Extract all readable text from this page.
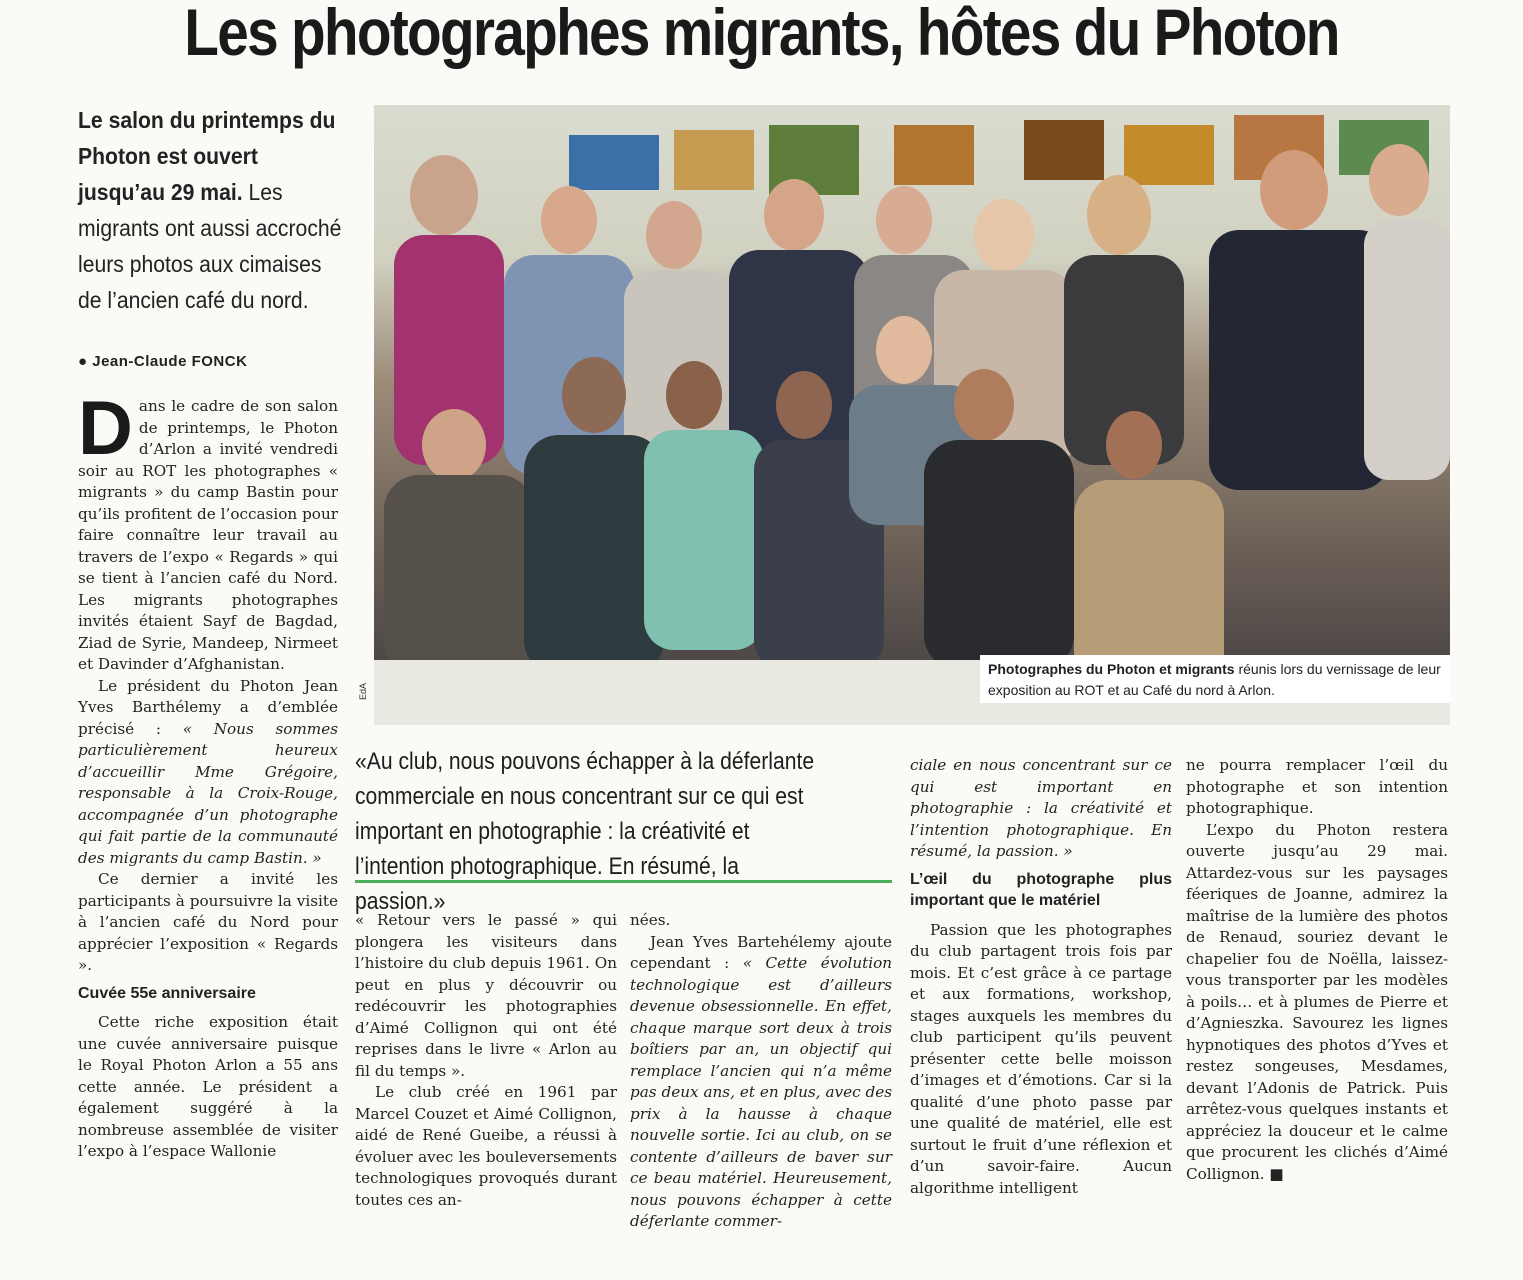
Les photographes migrants, hôtes du Photon
Le salon du printemps du Photon est ouvert jusqu’au 29 mai. Les migrants ont aussi accroché leurs photos aux cimaises de l’ancien café du nord.
● Jean-Claude FONCK
Photographes du Photon et migrants réunis lors du vernissage de leur exposition au ROT et au Café du nord à Arlon.
EdA
D ans le cadre de son salon de printemps, le Photon d’Arlon a invité vendredi soir au ROT les photographes « migrants » du camp Bastin pour qu’ils profitent de l’occasion pour faire connaître leur travail au travers de l’expo « Regards » qui se tient à l’ancien café du Nord. Les migrants photographes invités étaient Sayf de Bagdad, Ziad de Syrie, Mandeep, Nirmeet et Davinder d’Afghanistan.

Le président du Photon Jean Yves Barthélemy a d’emblée précisé : « Nous sommes particulièrement heureux d’accueillir Mme Grégoire, responsable à la Croix-Rouge, accompagnée d’un photographe qui fait partie de la communauté des migrants du camp Bastin. »

Ce dernier a invité les participants à poursuivre la visite à l’ancien café du Nord pour apprécier l’exposition « Regards ».

Cuvée 55e anniversaire

Cette riche exposition était une cuvée anniversaire puisque le Royal Photon Arlon a 55 ans cette année. Le président a également suggéré à la nombreuse assemblée de visiter l’expo à l’espace Wallonie

«Au club, nous pouvons échapper à la déferlante commerciale en nous concentrant sur ce qui est important en photographie : la créativité et l’intention photographique. En résumé, la passion.»

« Retour vers le passé » qui plongera les visiteurs dans l’histoire du club depuis 1961. On peut en plus y découvrir ou redécouvrir les photographies d’Aimé Collignon qui ont été reprises dans le livre « Arlon au fil du temps ».

Le club créé en 1961 par Marcel Couzet et Aimé Collignon, aidé de René Gueibe, a réussi à évoluer avec les bouleversements technologiques provoqués durant toutes ces an-

nées.

Jean Yves Bartehélemy ajoute cependant : « Cette évolution technologique est d’ailleurs devenue obsessionnelle. En effet, chaque marque sort deux à trois boîtiers par an, un objectif qui remplace l’ancien qui n’a même pas deux ans, et en plus, avec des prix à la hausse à chaque nouvelle sortie. Ici au club, on se contente d’ailleurs de baver sur ce beau matériel. Heureusement, nous pouvons échapper à cette déferlante commer-

ciale en nous concentrant sur ce qui est important en photographie : la créativité et l’intention photographique. En résumé, la passion. »

L’œil du photographe plus important que le matériel

Passion que les photographes du club partagent trois fois par mois. Et c’est grâce à ce partage et aux formations, workshop, stages auxquels les membres du club participent qu’ils peuvent présenter cette belle moisson d’images et d’émotions. Car si la qualité d’une photo passe par une qualité de matériel, elle est surtout le fruit d’une réflexion et d’un savoir-faire. Aucun algorithme intelligent

ne pourra remplacer l’œil du photographe et son intention photographique.

L’expo du Photon restera ouverte jusqu’au 29 mai. Attardez-vous sur les paysages féeriques de Joanne, admirez la maîtrise de la lumière des photos de Renaud, souriez devant le chapelier fou de Noëlla, laissez-vous transporter par les modèles à poils… et à plumes de Pierre et d’Agnieszka. Savourez les lignes hypnotiques des photos d’Yves et restez songeuses, Mesdames, devant l’Adonis de Patrick. Puis arrêtez-vous quelques instants et appréciez la douceur et le calme que procurent les clichés d’Aimé Collignon. ■
